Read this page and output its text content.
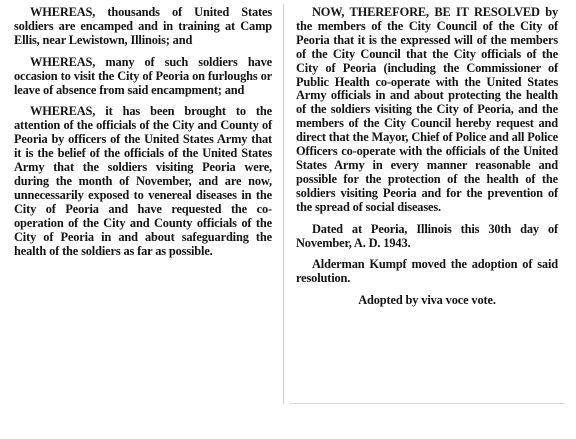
WHEREAS, thousands of United States soldiers are encamped and in training at Camp Ellis, near Lewistown, Illinois; and

WHEREAS, many of such soldiers have occasion to visit the City of Peoria on furloughs or leave of absence from said encampment; and

WHEREAS, it has been brought to the attention of the officials of the City and County of Peoria by officers of the United States Army that it is the belief of the officials of the United States Army that the soldiers visiting Peoria were, during the month of November, and are now, unnecessarily exposed to venereal diseases in the City of Peoria and have requested the co-operation of the City and County officials of the City of Peoria in and about safeguarding the health of the soldiers as far as possible.

NOW, THEREFORE, BE IT RESOLVED by the members of the City Council of the City of Peoria that it is the expressed will of the members of the City Council that the City officials of the City of Peoria (including the Commissioner of Public Health co-operate with the United States Army officials in and about protecting the health of the soldiers visiting the City of Peoria, and the members of the City Council hereby request and direct that the Mayor, Chief of Police and all Police Officers co-operate with the officials of the United States Army in every manner reasonable and possible for the protection of the health of the soldiers visiting Peoria and for the prevention of the spread of social diseases.

Dated at Peoria, Illinois this 30th day of November, A. D. 1943.

Alderman Kumpf moved the adoption of said resolution.

Adopted by viva voce vote.
